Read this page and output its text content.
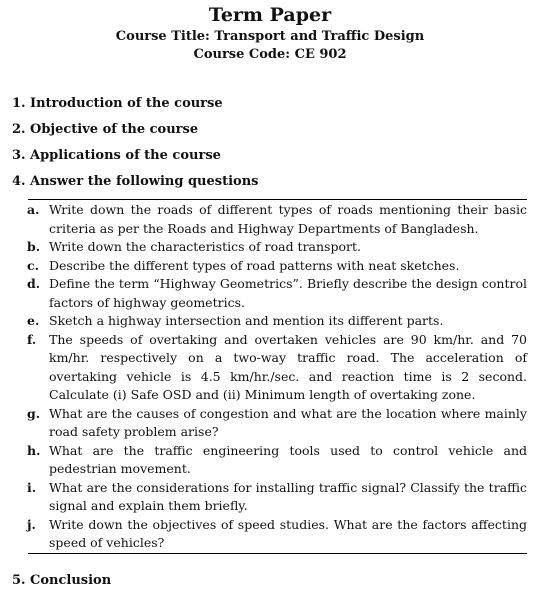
Term Paper
Course Title: Transport and Traffic Design
Course Code: CE 902
1. Introduction of the course
2. Objective of the course
3. Applications of the course
4. Answer the following questions
a. Write down the roads of different types of roads mentioning their basic criteria as per the Roads and Highway Departments of Bangladesh.
b. Write down the characteristics of road transport.
c. Describe the different types of road patterns with neat sketches.
d. Define the term “Highway Geometrics”. Briefly describe the design control factors of highway geometrics.
e. Sketch a highway intersection and mention its different parts.
f.	The speeds of overtaking and overtaken vehicles are 90 km/hr. and 70 km/hr. respectively on a two-way traffic road. The acceleration of overtaking vehicle is 4.5 km/hr./sec. and reaction time is 2 second. Calculate (i) Safe OSD and (ii) Minimum length of overtaking zone.
g. What are the causes of congestion and what are the location where mainly road safety problem arise?
h. What are the traffic engineering tools used to control vehicle and pedestrian movement.
i.	What are the considerations for installing traffic signal? Classify the traffic signal and explain them briefly.
j.	Write down the objectives of speed studies. What are the factors affecting speed of vehicles?
5. Conclusion
